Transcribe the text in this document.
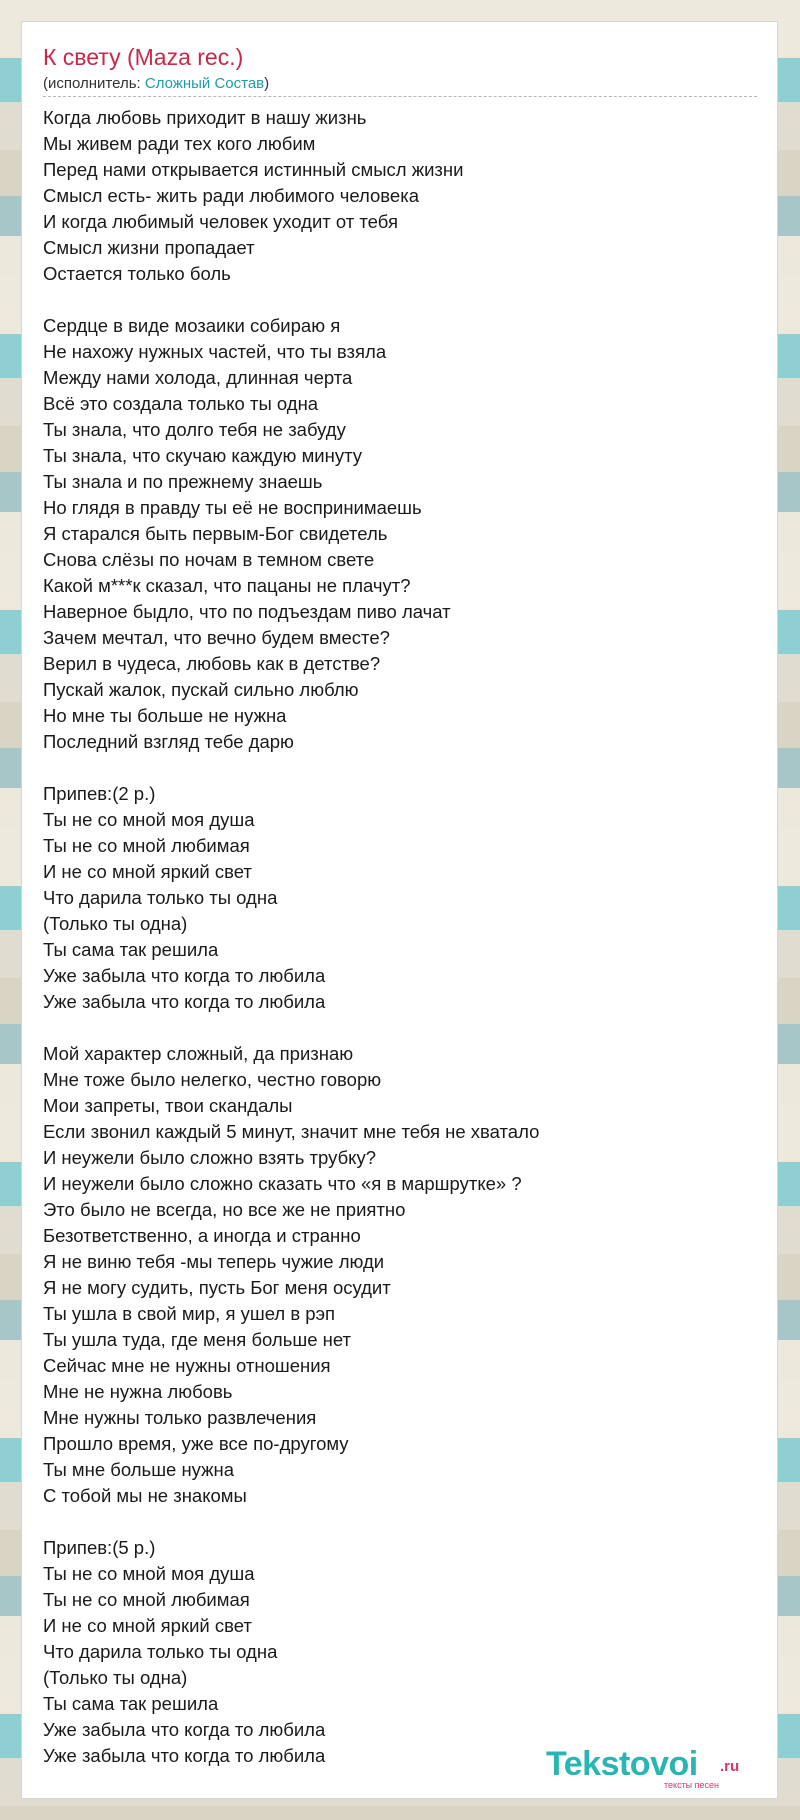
К свету (Maza rec.)
(исполнитель: Сложный Состав)
Когда любовь приходит в нашу жизнь
Мы живем ради тех кого любим
Перед нами открывается истинный смысл жизни
Смысл есть- жить ради любимого человека
И когда любимый человек уходит от тебя
Смысл жизни пропадает
Остается только боль

Сердце в виде мозаики собираю я
Не нахожу нужных частей, что ты взяла
Между нами холода, длинная черта
Всё это создала только ты одна
Ты знала, что долго тебя не забуду
Ты знала, что скучаю каждую минуту
Ты знала и по прежнему знаешь
Но глядя в правду ты её не воспринимаешь
Я старался быть первым-Бог свидетель
Снова слёзы по ночам в темном свете
Какой м***к сказал, что пацаны не плачут?
Наверное быдло, что по подъездам пиво лачат
Зачем мечтал, что вечно будем вместе?
Верил в чудеса, любовь как в детстве?
Пускай жалок, пускай сильно люблю
Но мне ты больше не нужна
Последний взгляд тебе дарю

Припев:(2 р.)
Ты не со мной моя душа
Ты не со мной любимая
И не со мной яркий свет
Что дарила только ты одна
(Только ты одна)
Ты сама так решила
Уже забыла что когда то любила
Уже забыла что когда то любила

Мой характер сложный, да признаю
Мне тоже было нелегко, честно говорю
Мои запреты, твои скандалы
Если звонил каждый 5 минут, значит мне тебя не хватало
И неужели было сложно взять трубку?
И неужели было сложно сказать что «я в маршрутке» ?
Это было не всегда, но все же не приятно
Безответственно, а иногда и странно
Я не виню тебя -мы теперь чужие люди
Я не могу судить, пусть Бог меня осудит
Ты ушла в свой мир, я ушел в рэп
Ты ушла туда, где меня больше нет
Сейчас мне не нужны отношения
Мне не нужна любовь
Мне нужны только развлечения
Прошло время, уже все по-другому
Ты мне больше нужна
С тобой мы не знакомы

Припев:(5 р.)
Ты не со мной моя душа
Ты не со мной любимая
И не со мной яркий свет
Что дарила только ты одна
(Только ты одна)
Ты сама так решила
Уже забыла что когда то любила
Уже забыла что когда то любила	Tekstovoi .ru
тексты песен
